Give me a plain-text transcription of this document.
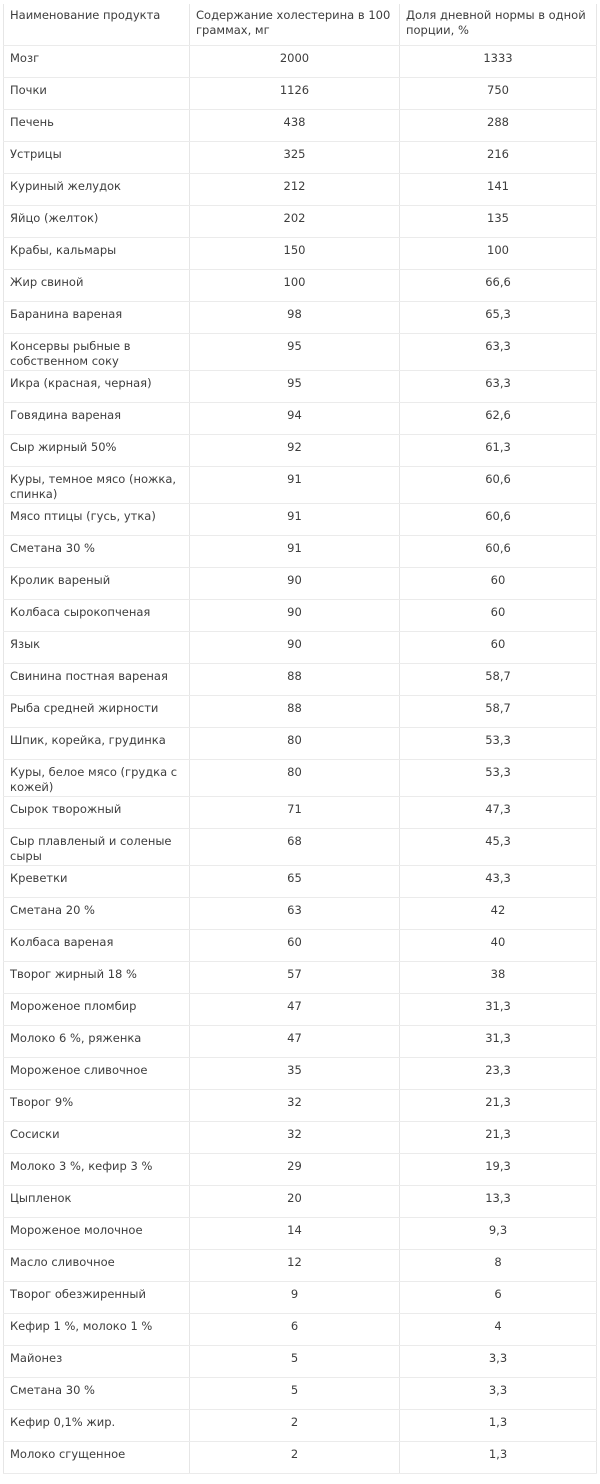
Наименование продукта	Содержание холестерина в 100 граммах, мг	Доля дневной нормы в одной порции, %
Мозг	2000	1333
Почки	1126	750
Печень	438	288
Устрицы	325	216
Куриный желудок	212	141
Яйцо (желток)	202	135
Крабы, кальмары	150	100
Жир свиной	100	66,6
Баранина вареная	98	65,3
Консервы рыбные в собственном соку	95	63,3
Икра (красная, черная)	95	63,3
Говядина вареная	94	62,6
Сыр жирный 50%	92	61,3
Куры, темное мясо (ножка, спинка)	91	60,6
Мясо птицы (гусь, утка)	91	60,6
Сметана 30 %	91	60,6
Кролик вареный	90	60
Колбаса сырокопченая	90	60
Язык	90	60
Свинина постная вареная	88	58,7
Рыба средней жирности	88	58,7
Шпик, корейка, грудинка	80	53,3
Куры, белое мясо (грудка с кожей)	80	53,3
Сырок творожный	71	47,3
Сыр плавленый и соленые сыры	68	45,3
Креветки	65	43,3
Сметана 20 %	63	42
Колбаса вареная	60	40
Творог жирный 18 %	57	38
Мороженое пломбир	47	31,3
Молоко 6 %, ряженка	47	31,3
Мороженое сливочное	35	23,3
Творог 9%	32	21,3
Сосиски	32	21,3
Молоко 3 %, кефир 3 %	29	19,3
Цыпленок	20	13,3
Мороженое молочное	14	9,3
Масло сливочное	12	8
Творог обезжиренный	9	6
Кефир 1 %, молоко 1 %	6	4
Майонез	5	3,3
Сметана 30 %	5	3,3
Кефир 0,1% жир.	2	1,3
Молоко сгущенное	2	1,3
